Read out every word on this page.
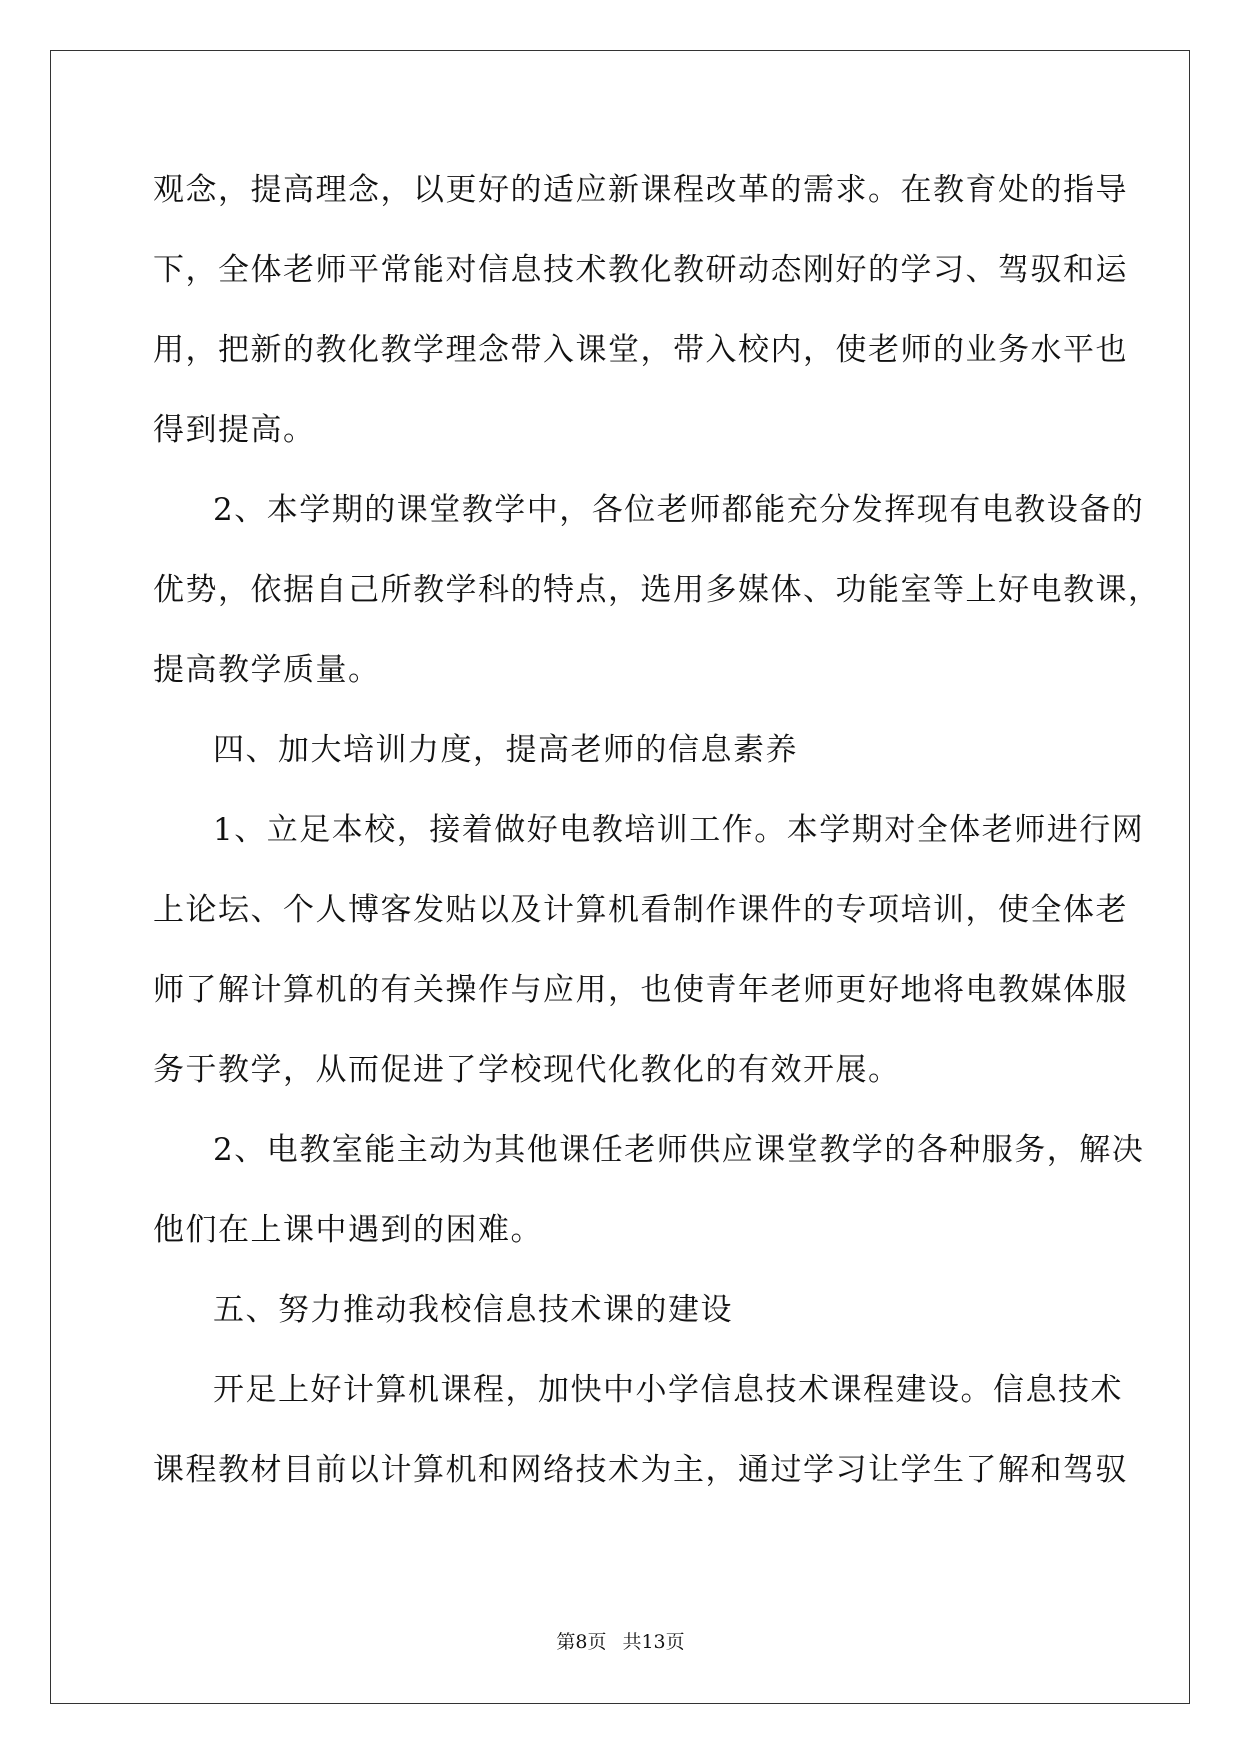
观念，提高理念，以更好的适应新课程改革的需求。在教育处的指导
下，全体老师平常能对信息技术教化教研动态刚好的学习、驾驭和运
用，把新的教化教学理念带入课堂，带入校内，使老师的业务水平也
得到提高。
2、本学期的课堂教学中，各位老师都能充分发挥现有电教设备的
优势，依据自己所教学科的特点，选用多媒体、功能室等上好电教课，
提高教学质量。
四、加大培训力度，提高老师的信息素养
1、立足本校，接着做好电教培训工作。本学期对全体老师进行网
上论坛、个人博客发贴以及计算机看制作课件的专项培训，使全体老
师了解计算机的有关操作与应用，也使青年老师更好地将电教媒体服
务于教学，从而促进了学校现代化教化的有效开展。
2、电教室能主动为其他课任老师供应课堂教学的各种服务，解决
他们在上课中遇到的困难。
五、努力推动我校信息技术课的建设
开足上好计算机课程，加快中小学信息技术课程建设。信息技术
课程教材目前以计算机和网络技术为主，通过学习让学生了解和驾驭
第8页 共13页
